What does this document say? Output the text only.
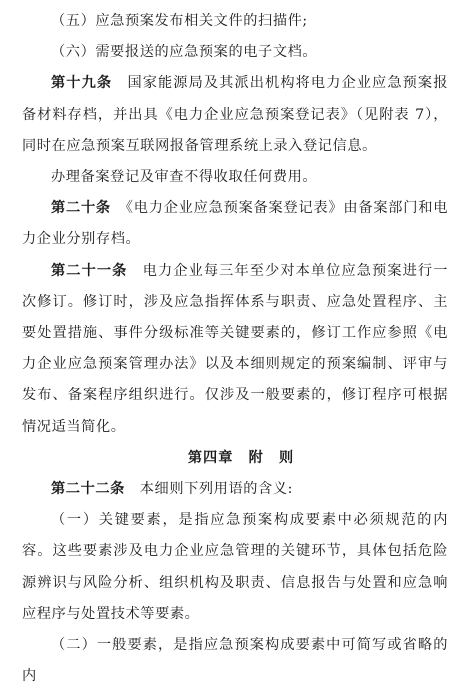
（五）应急预案发布相关文件的扫描件;

（六）需要报送的应急预案的电子文档。

第十九条　国家能源局及其派出机构将电力企业应急预案报备材料存档，并出具《电力企业应急预案登记表》（见附表 7），同时在应急预案互联网报备管理系统上录入登记信息。

办理备案登记及审查不得收取任何费用。

第二十条　《电力企业应急预案备案登记表》由备案部门和电力企业分别存档。

第二十一条　电力企业每三年至少对本单位应急预案进行一次修订。修订时，涉及应急指挥体系与职责、应急处置程序、主要处置措施、事件分级标准等关键要素的，修订工作应参照《电力企业应急预案管理办法》以及本细则规定的预案编制、评审与发布、备案程序组织进行。仅涉及一般要素的，修订程序可根据情况适当简化。

第四章　附　则

第二十二条　本细则下列用语的含义:

（一）关键要素，是指应急预案构成要素中必须规范的内容。这些要素涉及电力企业应急管理的关键环节，具体包括危险源辨识与风险分析、组织机构及职责、信息报告与处置和应急响应程序与处置技术等要素。

（二）一般要素，是指应急预案构成要素中可简写或省略的内
